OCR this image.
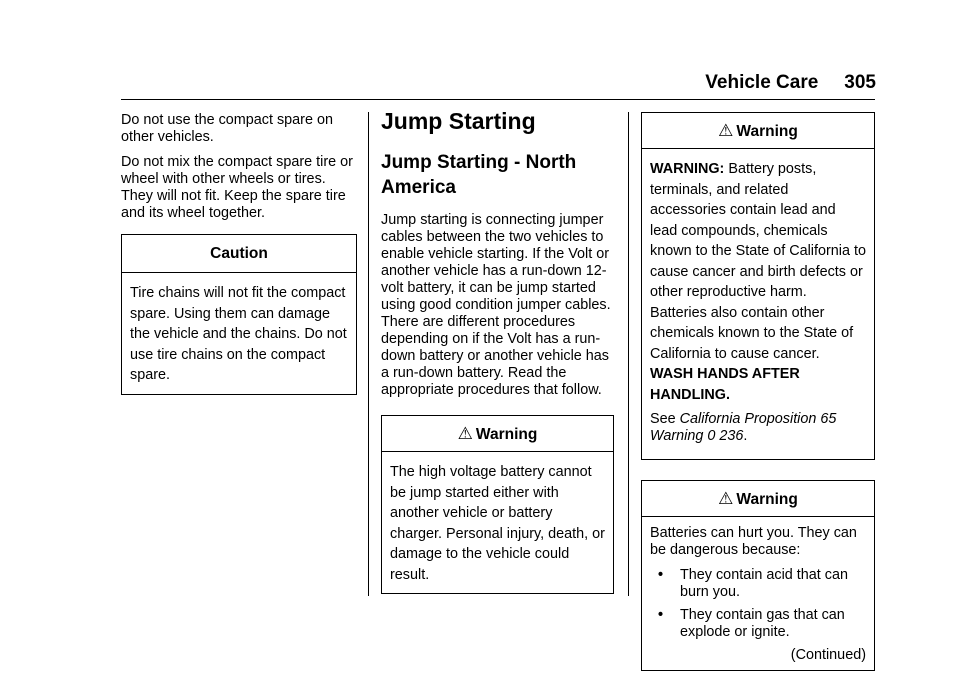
Vehicle Care 305

Do not use the compact spare on other vehicles.

Do not mix the compact spare tire or wheel with other wheels or tires. They will not fit. Keep the spare tire and its wheel together.

Caution
Tire chains will not fit the compact spare. Using them can damage the vehicle and the chains. Do not use tire chains on the compact spare.
Jump Starting
Jump Starting - North America

Jump starting is connecting jumper cables between the two vehicles to enable vehicle starting. If the Volt or another vehicle has a run-down 12-volt battery, it can be jump started using good condition jumper cables. There are different procedures depending on if the Volt has a run-down battery or another vehicle has a run-down battery. Read the appropriate procedures that follow.

⚠ Warning
The high voltage battery cannot be jump started either with another vehicle or battery charger. Personal injury, death, or damage to the vehicle could result.
⚠ Warning

WARNING: Battery posts, terminals, and related accessories contain lead and lead compounds, chemicals known to the State of California to cause cancer and birth defects or other reproductive harm. Batteries also contain other chemicals known to the State of California to cause cancer. WASH HANDS AFTER HANDLING.

See California Proposition 65 Warning 0 236.

⚠ Warning

Batteries can hurt you. They can be dangerous because:

•	They contain acid that can burn you.
•	They contain gas that can explode or ignite.
(Continued)
